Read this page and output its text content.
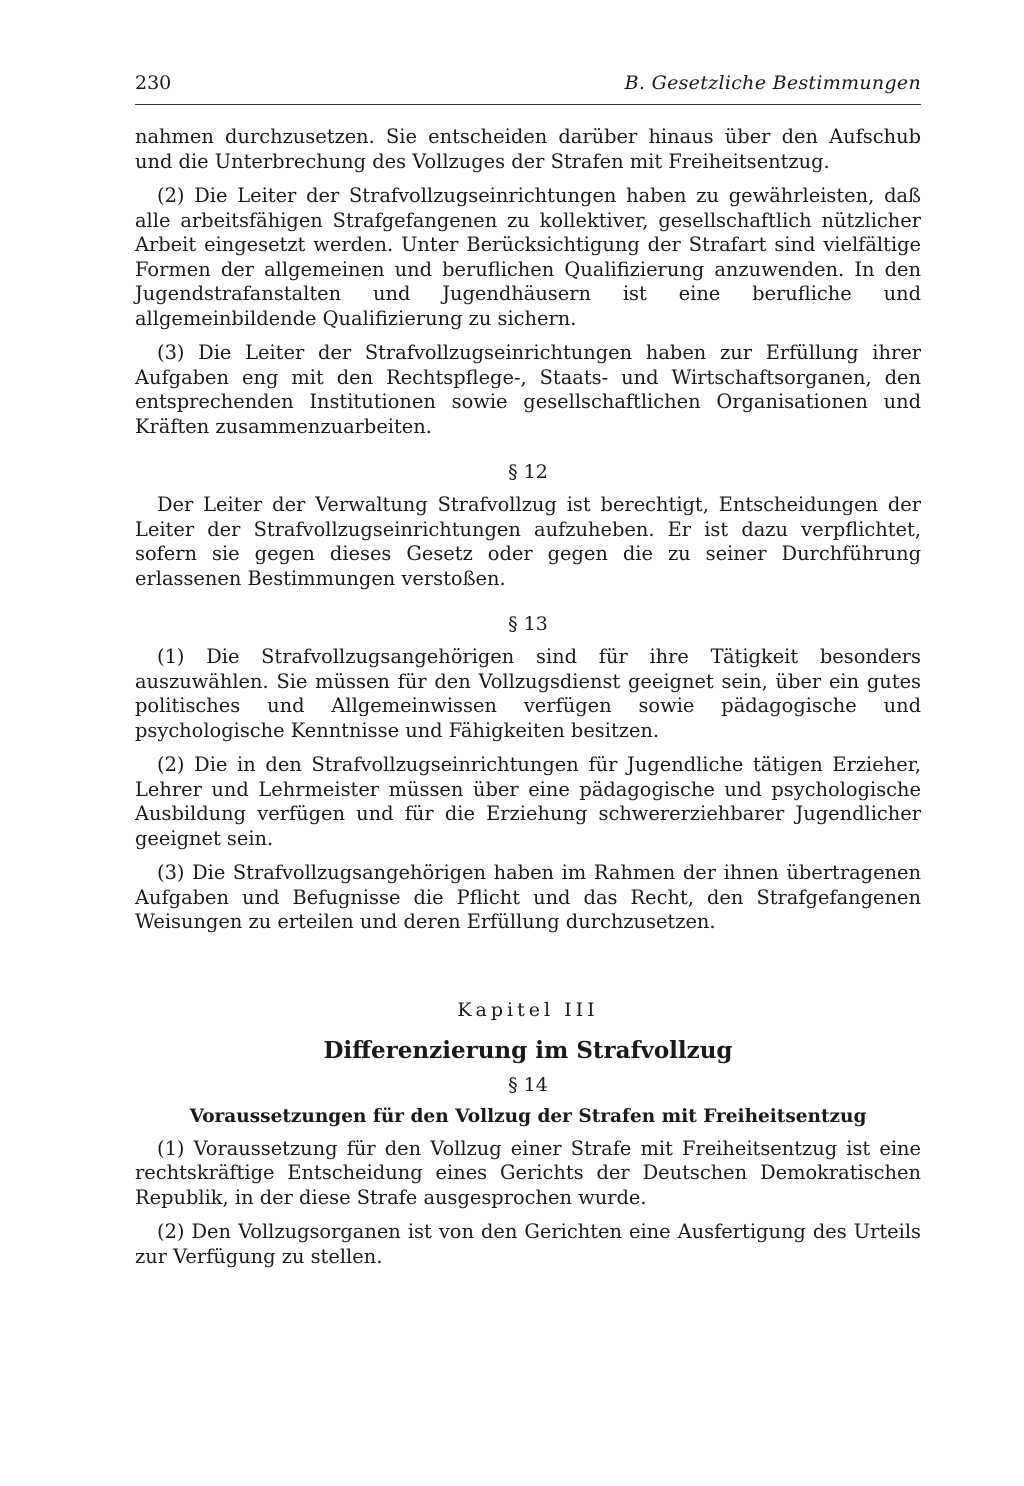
230	B. Gesetzliche Bestimmungen

nahmen durchzusetzen. Sie entscheiden darüber hinaus über den Aufschub und die Unterbrechung des Vollzuges der Strafen mit Freiheitsentzug.

(2) Die Leiter der Strafvollzugseinrichtungen haben zu gewährleisten, daß alle arbeitsfähigen Strafgefangenen zu kollektiver, gesellschaftlich nützlicher Arbeit eingesetzt werden. Unter Berücksichtigung der Strafart sind vielfältige Formen der allgemeinen und beruflichen Qualifizierung anzuwenden. In den Jugendstrafanstalten und Jugendhäusern ist eine berufliche und allgemeinbildende Qualifizierung zu sichern.

(3) Die Leiter der Strafvollzugseinrichtungen haben zur Erfüllung ihrer Aufgaben eng mit den Rechtspflege-, Staats- und Wirtschaftsorganen, den entsprechenden Institutionen sowie gesellschaftlichen Organisationen und Kräften zusammenzuarbeiten.

§ 12

Der Leiter der Verwaltung Strafvollzug ist berechtigt, Entscheidungen der Leiter der Strafvollzugseinrichtungen aufzuheben. Er ist dazu verpflichtet, sofern sie gegen dieses Gesetz oder gegen die zu seiner Durchführung erlassenen Bestimmungen verstoßen.

§ 13

(1) Die Strafvollzugsangehörigen sind für ihre Tätigkeit besonders auszuwählen. Sie müssen für den Vollzugsdienst geeignet sein, über ein gutes politisches und Allgemeinwissen verfügen sowie pädagogische und psychologische Kenntnisse und Fähigkeiten besitzen.

(2) Die in den Strafvollzugseinrichtungen für Jugendliche tätigen Erzieher, Lehrer und Lehrmeister müssen über eine pädagogische und psychologische Ausbildung verfügen und für die Erziehung schwererziehbarer Jugendlicher geeignet sein.

(3) Die Strafvollzugsangehörigen haben im Rahmen der ihnen übertragenen Aufgaben und Befugnisse die Pflicht und das Recht, den Strafgefangenen Weisungen zu erteilen und deren Erfüllung durchzusetzen.

Kapitel III
Differenzierung im Strafvollzug
§ 14
Voraussetzungen für den Vollzug der Strafen mit Freiheitsentzug

(1) Voraussetzung für den Vollzug einer Strafe mit Freiheitsentzug ist eine rechtskräftige Entscheidung eines Gerichts der Deutschen Demokratischen Republik, in der diese Strafe ausgesprochen wurde.

(2) Den Vollzugsorganen ist von den Gerichten eine Ausfertigung des Urteils zur Verfügung zu stellen.
